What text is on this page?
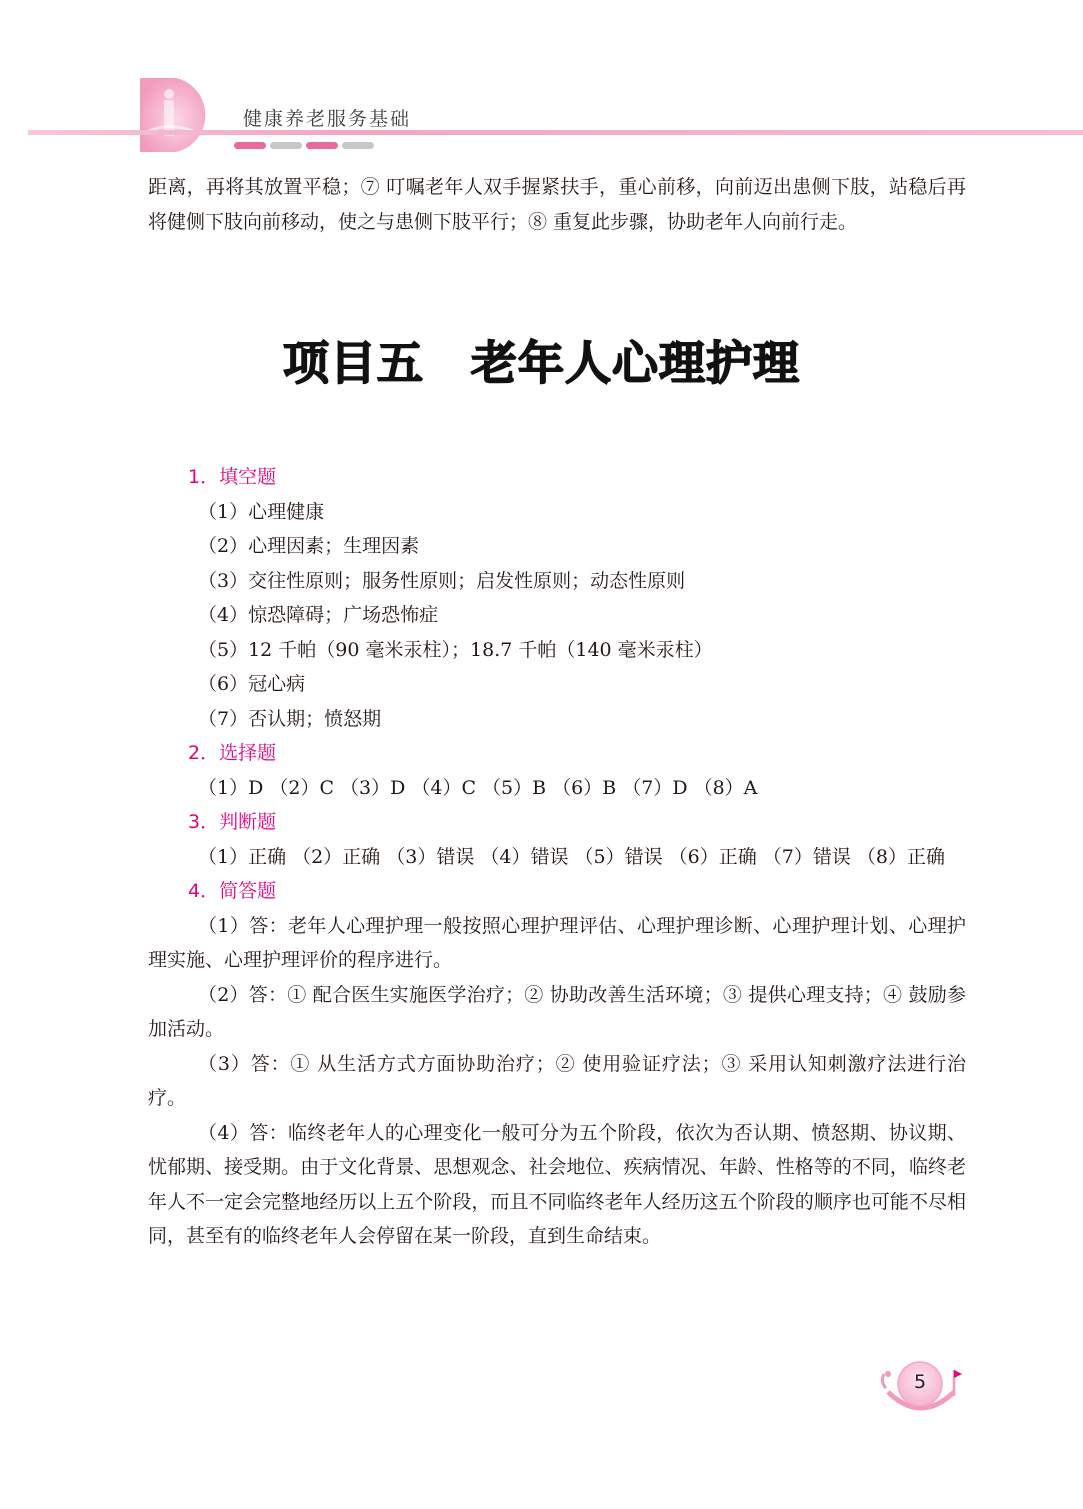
健康养老服务基础
距离，再将其放置平稳；⑦ 叮嘱老年人双手握紧扶手，重心前移，向前迈出患侧下肢，站稳后再将健侧下肢向前移动，使之与患侧下肢平行；⑧ 重复此步骤，协助老年人向前行走。
项目五　老年人心理护理

1．填空题

（1）心理健康

（2）心理因素；生理因素

（3）交往性原则；服务性原则；启发性原则；动态性原则

（4）惊恐障碍；广场恐怖症

（5）12 千帕（90 毫米汞柱）；18.7 千帕（140 毫米汞柱）

（6）冠心病

（7）否认期；愤怒期

2．选择题

（1）D （2）C （3）D （4）C （5）B （6）B （7）D （8）A

3．判断题

（1）正确 （2）正确 （3）错误 （4）错误 （5）错误 （6）正确 （7）错误 （8）正确

4．简答题

（1）答：老年人心理护理一般按照心理护理评估、心理护理诊断、心理护理计划、心理护理实施、心理护理评价的程序进行。

（2）答：① 配合医生实施医学治疗；② 协助改善生活环境；③ 提供心理支持；④ 鼓励参加活动。

（3）答：① 从生活方式方面协助治疗；② 使用验证疗法；③ 采用认知刺激疗法进行治疗。

（4）答：临终老年人的心理变化一般可分为五个阶段，依次为否认期、愤怒期、协议期、忧郁期、接受期。由于文化背景、思想观念、社会地位、疾病情况、年龄、性格等的不同，临终老年人不一定会完整地经历以上五个阶段，而且不同临终老年人经历这五个阶段的顺序也可能不尽相同，甚至有的临终老年人会停留在某一阶段，直到生命结束。

5
